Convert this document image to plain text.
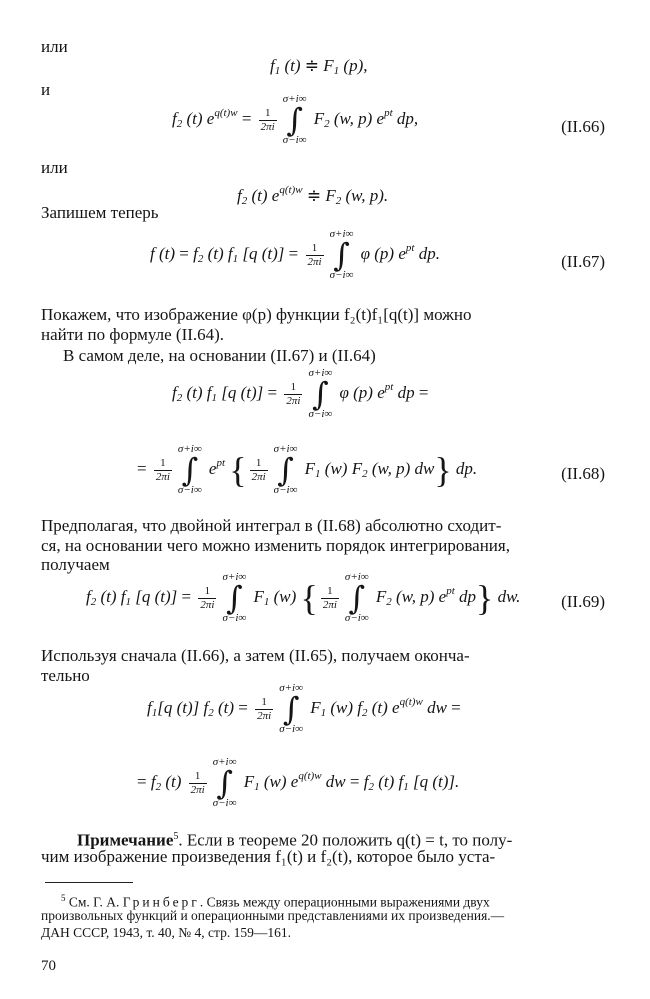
или
$f_1$ (t) ≑ $F_1$ (p),
и
$f_2$ (t) $e^{q(t)w} = \frac{1}{2\pi i}$
σ+i∞
∫
σ−i∞
$F_2$ (w, p) $e^{pt}$ dp,	(II.66)
или
$f_2$ (t) $e^{q(t)w}$ ≑ $F_2$ (w, p).
Запишем теперь
f $(t) = f_2$ (t) $f_1$ [q $(t)] = \frac{1}{2\pi i}$
σ+i∞
∫
σ−i∞
φ (p) $e^{pt}$ dp.	(II.67)
Покажем, что изображение φ(p) функции f₂(t)f₁[q(t)] можно
найти по формуле (II.64).
В самом деле, на основании (II.67) и (II.64)
$f_2$ (t) $f_1$ [q $(t)] = \frac{1}{2\pi i}$
σ+i∞
∫
σ−i∞
φ (p) $e^{pt}$ dp =
= $\frac{1}{2\pi i}$
σ+i∞
∫
σ−i∞
$e^{pt}$ { $\frac{1}{2\pi i}$
σ+i∞
∫
σ−i∞
$F_1$ (w) $F_2$ (w, p) dw} dp.	(II.68)
Предполагая, что двойной интеграл в (II.68) абсолютно сходит-
ся, на основании чего можно изменить порядок интегрирования,
получаем
$f_2$ (t) $f_1$ [q $(t)] = \frac{1}{2\pi i}$
σ+i∞
∫
σ−i∞
$F_1$ (w) { $\frac{1}{2\pi i}$
σ+i∞
∫
σ−i∞
$F_2$ (w, p) $e^{pt}$ dp} dw. (II.69)
Используя сначала (II.66), а затем (II.65), получаем оконча-
тельно
$f_1[q$ (t)] $f_2$ $(t) = \frac{1}{2\pi i}$
σ+i∞
∫
σ−i∞
$F_1$ (w) $f_2$ (t) $e^{q(t)w}$ dw =
= $f_2$ $(t) \frac{1}{2\pi i}$
σ+i∞
∫
σ−i∞
$F_1$ (w) $e^{q(t)w}$ dw = $f_2$ (t) $f_1$ [q (t)].
Примечание$^5$. Если в теореме 20 положить q(t) = t, то полу-
чим изображение произведения f₁(t) и f₂(t), которое было уста-
$^5$ См. Г. А. Гринберг. Связь между операционными выражениями двух
произвольных функций и операционными представлениями их произведения.—
ДАН СССР, 1943, т. 40, № 4, стр. 159—161.
70
